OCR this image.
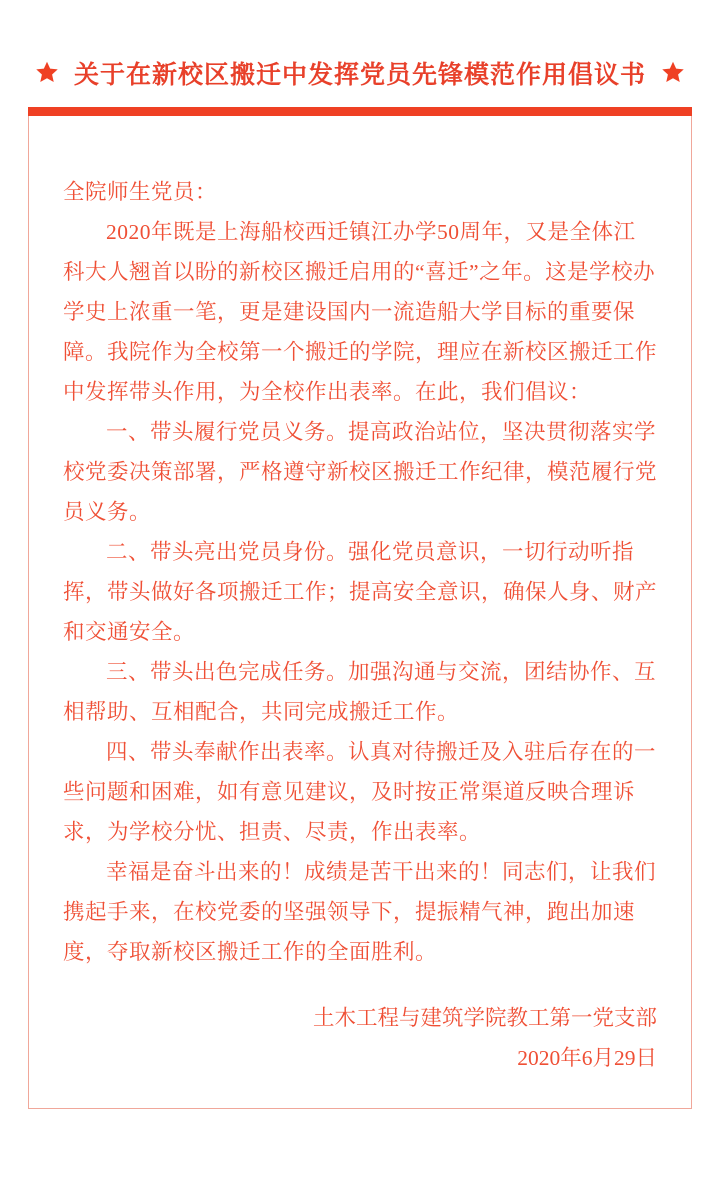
关于在新校区搬迁中发挥党员先锋模范作用倡议书

全院师生党员：

2020年既是上海船校西迁镇江办学50周年，又是全体江科大人翘首以盼的新校区搬迁启用的“喜迁”之年。这是学校办学史上浓重一笔，更是建设国内一流造船大学目标的重要保障。我院作为全校第一个搬迁的学院，理应在新校区搬迁工作中发挥带头作用，为全校作出表率。在此，我们倡议：

一、带头履行党员义务。提高政治站位，坚决贯彻落实学校党委决策部署，严格遵守新校区搬迁工作纪律，模范履行党员义务。

二、带头亮出党员身份。强化党员意识，一切行动听指挥，带头做好各项搬迁工作；提高安全意识，确保人身、财产和交通安全。

三、带头出色完成任务。加强沟通与交流，团结协作、互相帮助、互相配合，共同完成搬迁工作。

四、带头奉献作出表率。认真对待搬迁及入驻后存在的一些问题和困难，如有意见建议，及时按正常渠道反映合理诉求，为学校分忧、担责、尽责，作出表率。

幸福是奋斗出来的！成绩是苦干出来的！同志们，让我们携起手来，在校党委的坚强领导下，提振精气神，跑出加速度，夺取新校区搬迁工作的全面胜利。

土木工程与建筑学院教工第一党支部
2020年6月29日
